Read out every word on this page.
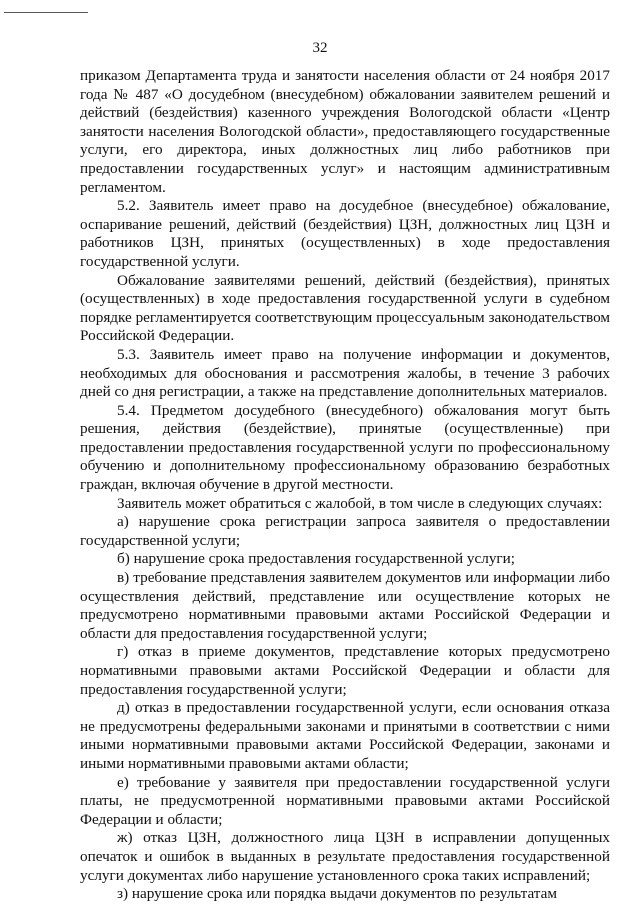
32

приказом Департамента труда и занятости населения области от 24 ноября 2017 года № 487 «О досудебном (внесудебном) обжаловании заявителем решений и действий (бездействия) казенного учреждения Вологодской области «Центр занятости населения Вологодской области», предоставляющего государственные услуги, его директора, иных должностных лиц либо работников при предоставлении государственных услуг» и настоящим административным регламентом.

5.2. Заявитель имеет право на досудебное (внесудебное) обжалование, оспаривание решений, действий (бездействия) ЦЗН, должностных лиц ЦЗН и работников ЦЗН, принятых (осуществленных) в ходе предоставления государственной услуги.

Обжалование заявителями решений, действий (бездействия), принятых (осуществленных) в ходе предоставления государственной услуги в судебном порядке регламентируется соответствующим процессуальным законодательством Российской Федерации.

5.3. Заявитель имеет право на получение информации и документов, необходимых для обоснования и рассмотрения жалобы, в течение 3 рабочих дней со дня регистрации, а также на представление дополнительных материалов.

5.4. Предметом досудебного (внесудебного) обжалования могут быть решения, действия (бездействие), принятые (осуществленные) при предоставлении предоставления государственной услуги по профессиональному обучению и дополнительному профессиональному образованию безработных граждан, включая обучение в другой местности.

Заявитель может обратиться с жалобой, в том числе в следующих случаях:

а) нарушение срока регистрации запроса заявителя о предоставлении государственной услуги;

б) нарушение срока предоставления государственной услуги;

в) требование представления заявителем документов или информации либо осуществления действий, представление или осуществление которых не предусмотрено нормативными правовыми актами Российской Федерации и области для предоставления государственной услуги;

г) отказ в приеме документов, представление которых предусмотрено нормативными правовыми актами Российской Федерации и области для предоставления государственной услуги;

д) отказ в предоставлении государственной услуги, если основания отказа не предусмотрены федеральными законами и принятыми в соответствии с ними иными нормативными правовыми актами Российской Федерации, законами и иными нормативными правовыми актами области;

е) требование у заявителя при предоставлении государственной услуги платы, не предусмотренной нормативными правовыми актами Российской Федерации и области;

ж) отказ ЦЗН, должностного лица ЦЗН в исправлении допущенных опечаток и ошибок в выданных в результате предоставления государственной услуги документах либо нарушение установленного срока таких исправлений;

з) нарушение срока или порядка выдачи документов по результатам
